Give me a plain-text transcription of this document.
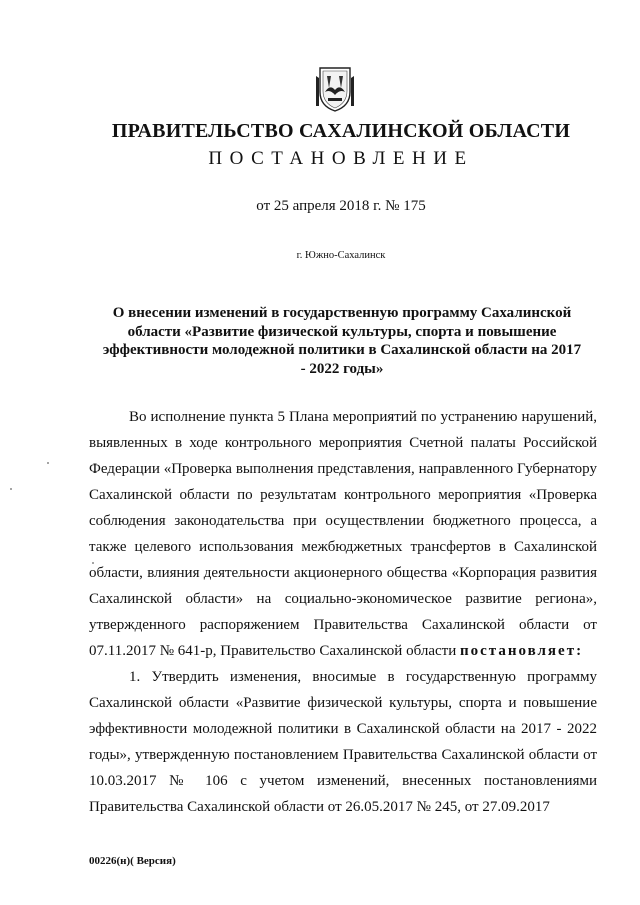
ПРАВИТЕЛЬСТВО САХАЛИНСКОЙ ОБЛАСТИ
ПОСТАНОВЛЕНИЕ
от 25 апреля 2018 г. № 175
г. Южно-Сахалинск
О внесении изменений в государственную программу Сахалинской области «Развитие физической культуры, спорта и повышение эффективности молодежной политики в Сахалинской области на 2017 - 2022 годы»

Во исполнение пункта 5 Плана мероприятий по устранению нарушений, выявленных в ходе контрольного мероприятия Счетной палаты Российской Федерации «Проверка выполнения представления, направленного Губернатору Сахалинской области по результатам контрольного мероприятия «Проверка соблюдения законодательства при осуществлении бюджетного процесса, а также целевого использования межбюджетных трансфертов в Сахалинской области, влияния деятельности акционерного общества «Корпорация развития Сахалинской области» на социально-экономическое развитие региона», утвержденного распоряжением Правительства Сахалинской области от 07.11.2017 № 641-р, Правительство Сахалинской области постановляет:

1. Утвердить изменения, вносимые в государственную программу Сахалинской области «Развитие физической культуры, спорта и повышение эффективности молодежной политики в Сахалинской области на 2017 - 2022 годы», утвержденную постановлением Правительства Сахалинской области от 10.03.2017 № 106 с учетом изменений, внесенных постановлениями Правительства Сахалинской области от 26.05.2017 № 245, от 27.09.2017

00226(н)( Версия)
